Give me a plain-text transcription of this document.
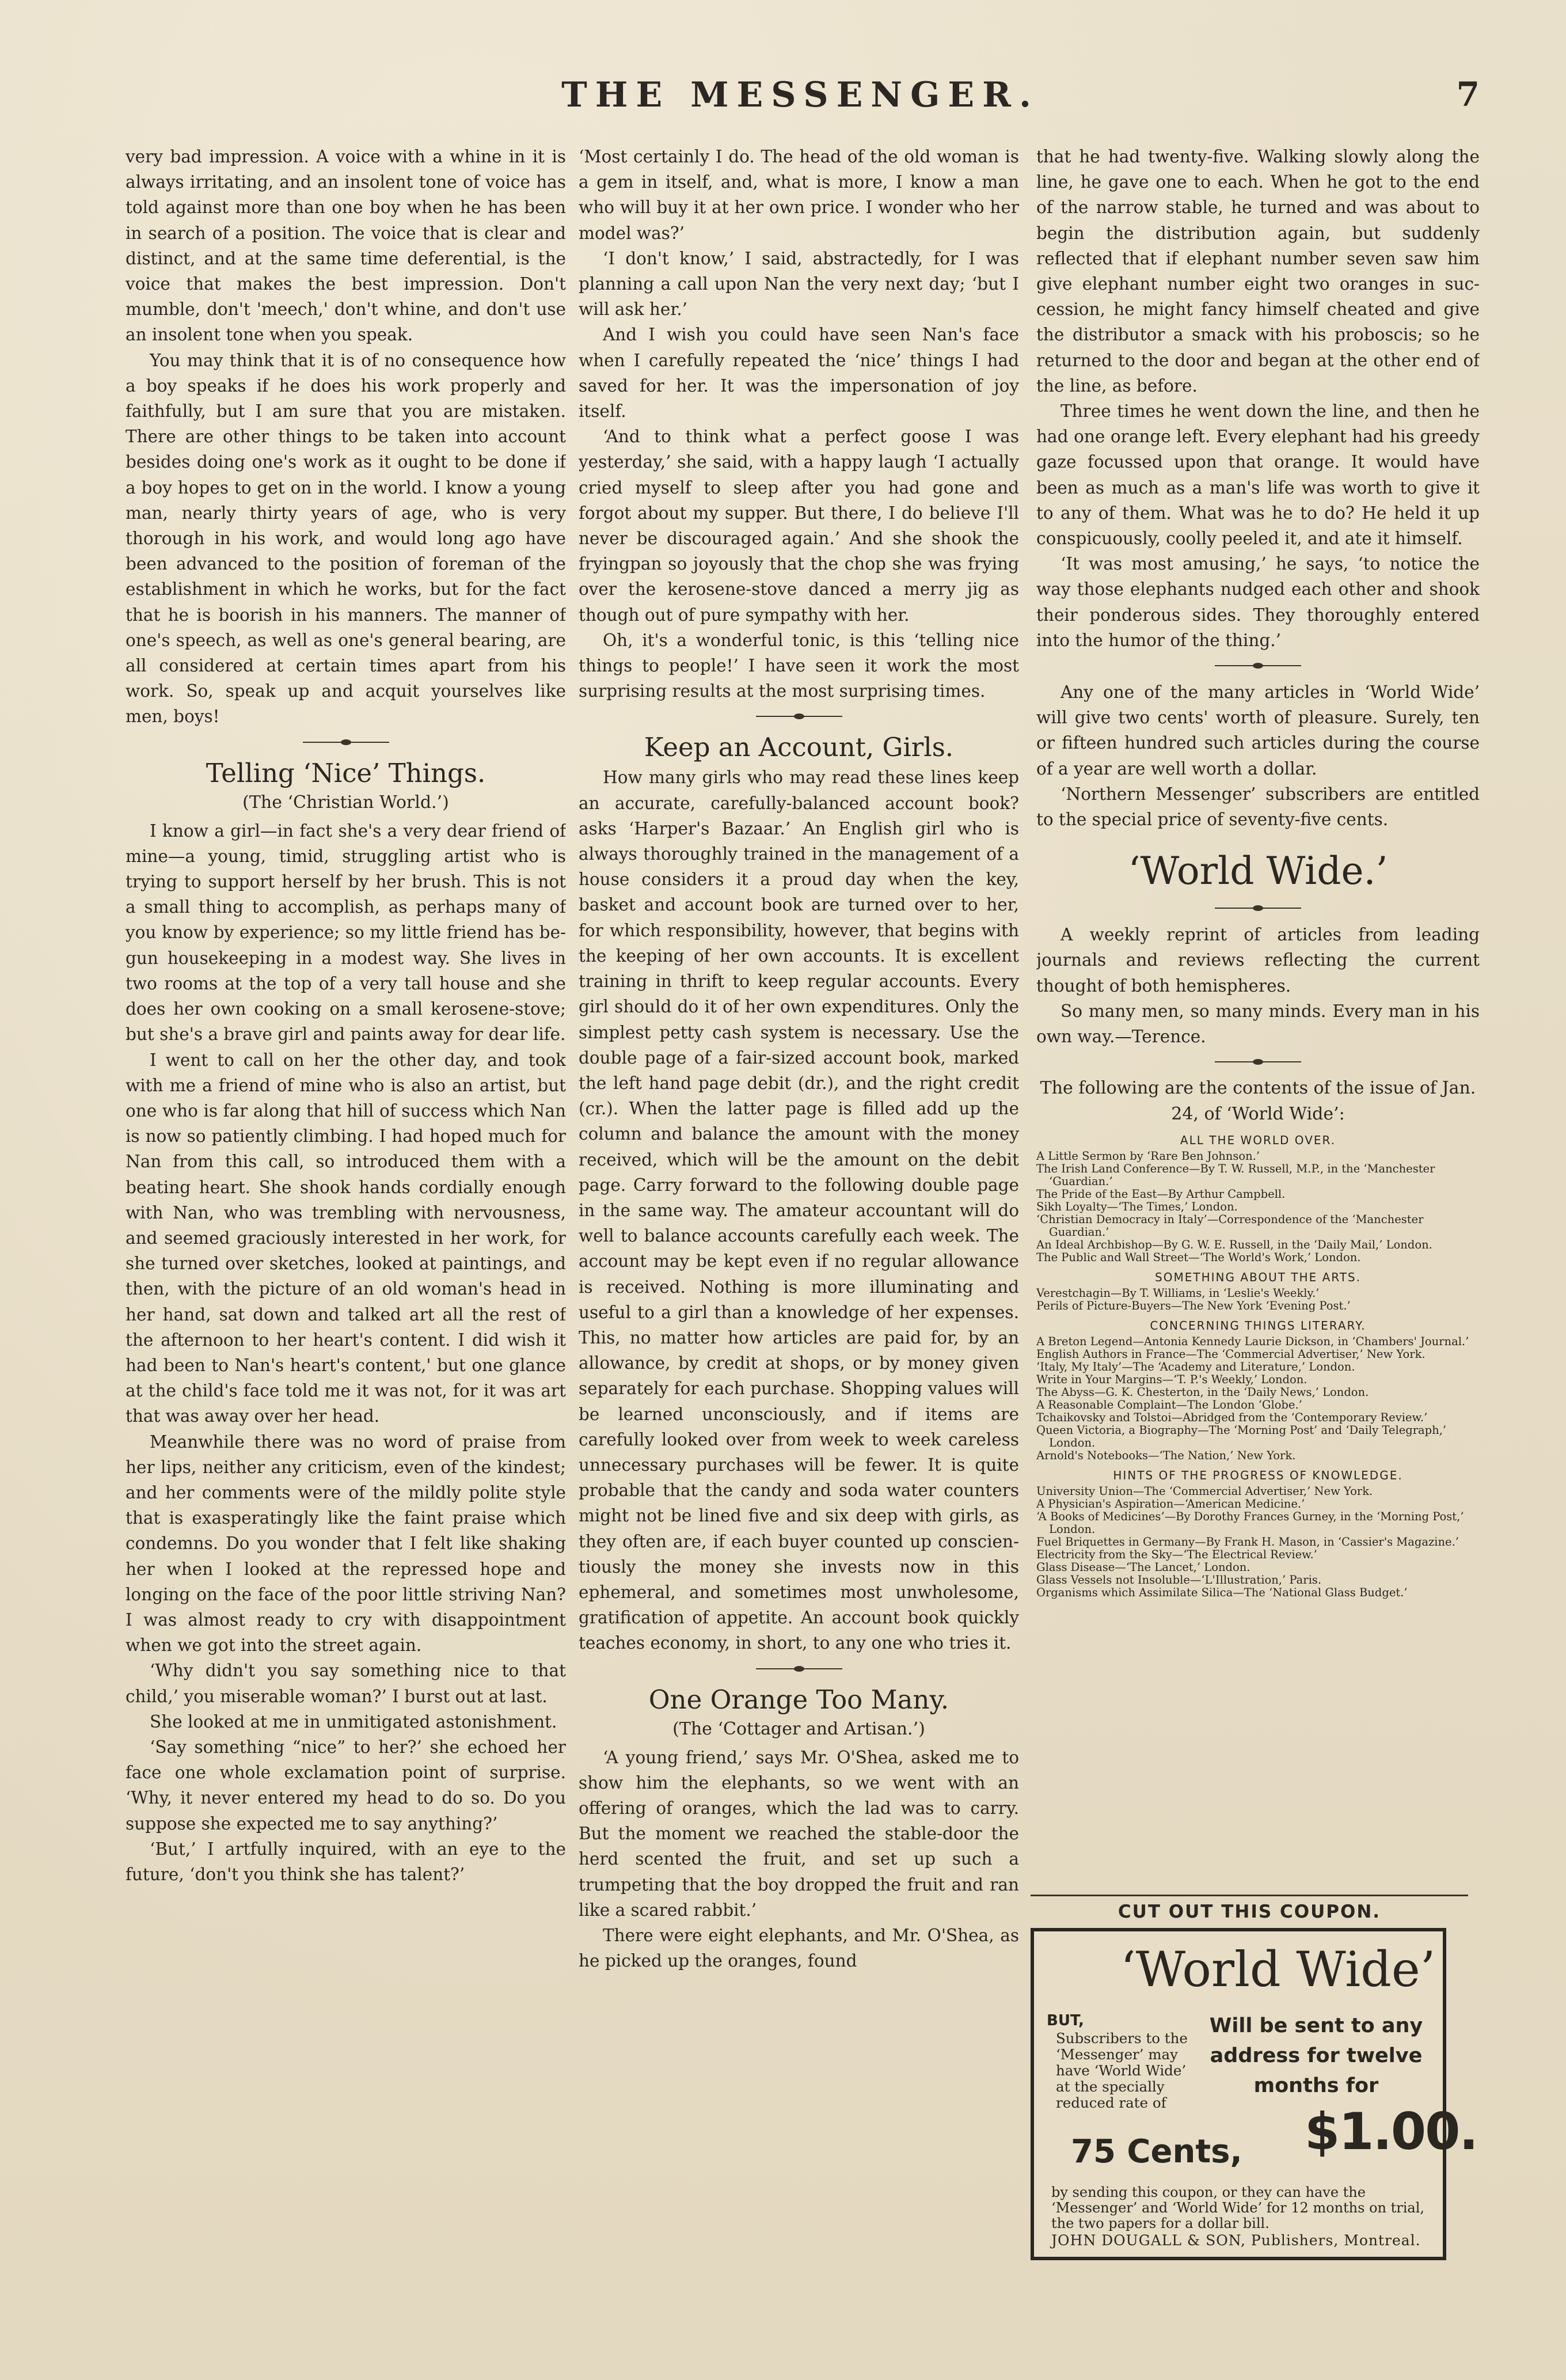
THE MESSENGER.	7

very bad impression. A voice with a whine in it is always irritating, and an insolent tone of voice has told against more than one boy when he has been in search of a position. The voice that is clear and distinct, and at the same time deferential, is the voice that makes the best impression. Don't mumble, don't 'meech,' don't whine, and don't use an insolent tone when you speak.

You may think that it is of no consequence how a boy speaks if he does his work properly and faithfully, but I am sure that you are mistaken. There are other things to be taken into account besides doing one's work as it ought to be done if a boy hopes to get on in the world. I know a young man, nearly thirty years of age, who is very thorough in his work, and would long ago have been advanced to the position of foreman of the establishment in which he works, but for the fact that he is boorish in his manners. The manner of one's speech, as well as one's general bearing, are all considered at certain times apart from his work. So, speak up and acquit yourselves like men, boys!

Telling ‘Nice’ Things.
(The ‘Christian World.’)

I know a girl—in fact she's a very dear friend of mine—a young, timid, struggling artist who is trying to support herself by her brush. This is not a small thing to accomplish, as perhaps many of you know by experience; so my little friend has begun housekeeping in a modest way. She lives in two rooms at the top of a very tall house and she does her own cooking on a small kerosene-stove; but she's a brave girl and paints away for dear life.

I went to call on her the other day, and took with me a friend of mine who is also an artist, but one who is far along that hill of success which Nan is now so patiently climbing. I had hoped much for Nan from this call, so introduced them with a beating heart. She shook hands cordially enough with Nan, who was trembling with nervousness, and seemed graciously interested in her work, for she turned over sketches, looked at paintings, and then, with the picture of an old woman's head in her hand, sat down and talked art all the rest of the afternoon to her heart's content. I did wish it had been to Nan's heart's content,' but one glance at the child's face told me it was not, for it was art that was away over her head.

Meanwhile there was no word of praise from her lips, neither any criticism, even of the kindest; and her comments were of the mildly polite style that is exasperatingly like the faint praise which condemns. Do you wonder that I felt like shaking her when I looked at the repressed hope and longing on the face of the poor little striving Nan? I was almost ready to cry with disappointment when we got into the street again.

‘Why didn't you say something nice to that child,’ you miserable woman?’ I burst out at last.

She looked at me in unmitigated astonishment.

‘Say something “nice” to her?’ she echoed her face one whole exclamation point of surprise. ‘Why, it never entered my head to do so. Do you suppose she expected me to say anything?’

‘But,’ I artfully inquired, with an eye to the future, ‘don't you think she has talent?’

‘Most certainly I do. The head of the old woman is a gem in itself, and, what is more, I know a man who will buy it at her own price. I wonder who her model was?’

‘I don't know,’ I said, abstractedly, for I was planning a call upon Nan the very next day; ‘but I will ask her.’

And I wish you could have seen Nan's face when I carefully repeated the ‘nice’ things I had saved for her. It was the impersonation of joy itself.

‘And to think what a perfect goose I was yesterday,’ she said, with a happy laugh ‘I actually cried myself to sleep after you had gone and forgot about my supper. But there, I do believe I'll never be discouraged again.’ And she shook the fryingpan so joyously that the chop she was frying over the kerosene-stove danced a merry jig as though out of pure sympathy with her.

Oh, it's a wonderful tonic, is this ‘telling nice things to people!’ I have seen it work the most surprising results at the most surprising times.

Keep an Account, Girls.

How many girls who may read these lines keep an accurate, carefully-balanced account book? asks ‘Harper's Bazaar.’ An English girl who is always thoroughly trained in the management of a house considers it a proud day when the key, basket and account book are turned over to her, for which responsibility, however, that begins with the keeping of her own accounts. It is excellent training in thrift to keep regular accounts. Every girl should do it of her own expenditures. Only the simplest petty cash system is necessary. Use the double page of a fair-sized account book, marked the left hand page debit (dr.), and the right credit (cr.). When the latter page is filled add up the column and balance the amount with the money received, which will be the amount on the debit page. Carry forward to the following double page in the same way. The amateur accountant will do well to balance accounts carefully each week. The account may be kept even if no regular allowance is received. Nothing is more illuminating and useful to a girl than a knowledge of her expenses. This, no matter how articles are paid for, by an allowance, by credit at shops, or by money given separately for each purchase. Shopping values will be learned unconsciously, and if items are carefully looked over from week to week careless unnecessary purchases will be fewer. It is quite probable that the candy and soda water counters might not be lined five and six deep with girls, as they often are, if each buyer counted up conscientiously the money she invests now in this ephemeral, and sometimes most unwholesome, gratification of appetite. An account book quickly teaches economy, in short, to any one who tries it.

One Orange Too Many.
(The ‘Cottager and Artisan.’)

‘A young friend,’ says Mr. O'Shea, asked me to show him the elephants, so we went with an offering of oranges, which the lad was to carry. But the moment we reached the stable-door the herd scented the fruit, and set up such a trumpeting that the boy dropped the fruit and ran like a scared rabbit.’

There were eight elephants, and Mr. O'Shea, as he picked up the oranges, found

that he had twenty-five. Walking slowly along the line, he gave one to each. When he got to the end of the narrow stable, he turned and was about to begin the distribution again, but suddenly reflected that if elephant number seven saw him give elephant number eight two oranges in succession, he might fancy himself cheated and give the distributor a smack with his proboscis; so he returned to the door and began at the other end of the line, as before.

Three times he went down the line, and then he had one orange left. Every elephant had his greedy gaze focussed upon that orange. It would have been as much as a man's life was worth to give it to any of them. What was he to do? He held it up conspicuously, coolly peeled it, and ate it himself.

‘It was most amusing,’ he says, ‘to notice the way those elephants nudged each other and shook their ponderous sides. They thoroughly entered into the humor of the thing.’

Any one of the many articles in ‘World Wide’ will give two cents' worth of pleasure. Surely, ten or fifteen hundred such articles during the course of a year are well worth a dollar.

‘Northern Messenger’ subscribers are entitled to the special price of seventy-five cents.

‘World Wide.’

A weekly reprint of articles from leading journals and reviews reflecting the current thought of both hemispheres.

So many men, so many minds. Every man in his own way.—Terence.

The following are the contents of the issue of Jan. 24, of ‘World Wide’:

ALL THE WORLD OVER.
A Little Sermon by ‘Rare Ben Johnson.’
The Irish Land Conference—By T. W. Russell, M.P., in the ‘Manchester ‘Guardian.’
The Pride of the East—By Arthur Campbell.
Sikh Loyalty—‘The Times,’ London.
‘Christian Democracy in Italy’—Correspondence of the ‘Manchester Guardian.’
An Ideal Archbishop—By G. W. E. Russell, in the ‘Daily Mail,’ London.
The Public and Wall Street—‘The World's Work,’ London.
SOMETHING ABOUT THE ARTS.
Verestchagin—By T. Williams, in ‘Leslie's Weekly.’
Perils of Picture-Buyers—The New York ‘Evening Post.’
CONCERNING THINGS LITERARY.
A Breton Legend—Antonia Kennedy Laurie Dickson, in ‘Chambers' Journal.’
English Authors in France—The ‘Commercial Advertiser,’ New York.
‘Italy, My Italy’—The ‘Academy and Literature,’ London.
Write in Your Margins—‘T. P.'s Weekly,’ London.
The Abyss—G. K. Chesterton, in the ‘Daily News,’ London.
A Reasonable Complaint—The London ‘Globe.’
Tchaikovsky and Tolstoi—Abridged from the ‘Contemporary Review.’
Queen Victoria, a Biography—The ‘Morning Post’ and ‘Daily Telegraph,’ London.
Arnold's Notebooks—‘The Nation,’ New York.
HINTS OF THE PROGRESS OF KNOWLEDGE.
University Union—The ‘Commercial Advertiser,’ New York.
A Physician's Aspiration—‘American Medicine.’
‘A Books of Medicines’—By Dorothy Frances Gurney, in the ‘Morning Post,’ London.
Fuel Briquettes in Germany—By Frank H. Mason, in ‘Cassier's Magazine.’
Electricity from the Sky—‘The Electrical Review.’
Glass Disease—‘The Lancet,’ London.
Glass Vessels not Insoluble—‘L'Illustration,’ Paris.
Organisms which Assimilate Silica—The ‘National Glass Budget.’
CUT OUT THIS COUPON.
‘World Wide’
BUT,
Subscribers to the ‘Messenger’ may have ‘World Wide’ at the specially reduced rate of
Will be sent to any address for twelve months for
$1.00.
75 Cents,
by sending this coupon, or they can have the ‘Messenger’ and ‘World Wide’ for 12 months on trial, the two papers for a dollar bill.
JOHN DOUGALL & SON, Publishers, Montreal.
